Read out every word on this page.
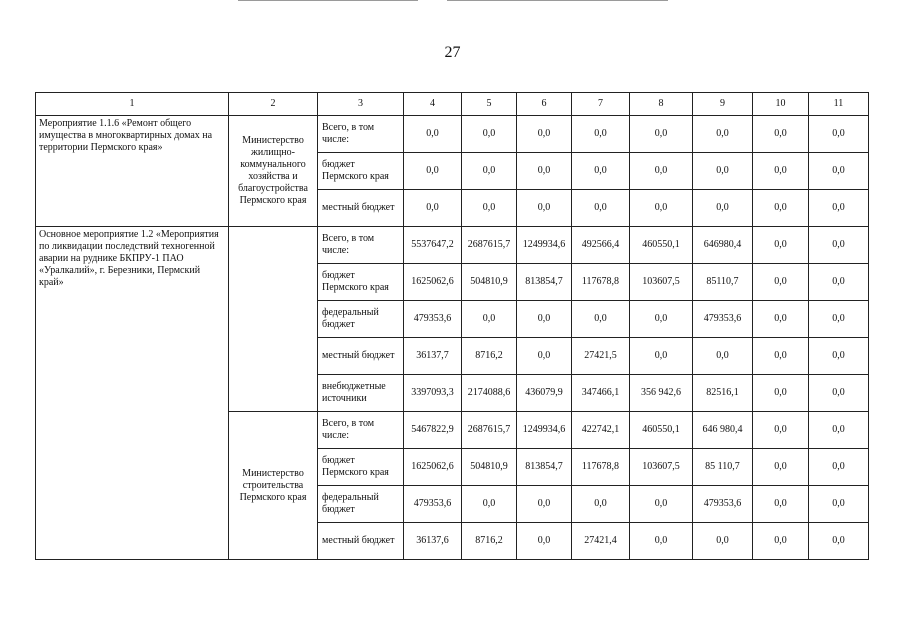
27
1	2	3	4	5	6	7	8	9	10	11
Мероприятие 1.1.6 «Ремонт общего имущества в многоквартирных домах на территории Пермского края»	Министерство жилищно-коммунального хозяйства и благоустройства Пермского края	Всего, в том числе:	0,0	0,0	0,0	0,0	0,0	0,0	0,0	0,0
		бюджет Пермского края	0,0	0,0	0,0	0,0	0,0	0,0	0,0	0,0
		местный бюджет	0,0	0,0	0,0	0,0	0,0	0,0	0,0	0,0
Основное мероприятие 1.2 «Мероприятия по ликвидации последствий техногенной аварии на руднике БКПРУ-1 ПАО «Уралкалий», г. Березники, Пермский край»		Всего, в том числе:	5537647,2	2687615,7	1249934,6	492566,4	460550,1	646980,4	0,0	0,0
		бюджет Пермского края	1625062,6	504810,9	813854,7	117678,8	103607,5	85110,7	0,0	0,0
		федеральный бюджет	479353,6	0,0	0,0	0,0	0,0	479353,6	0,0	0,0
		местный бюджет	36137,7	8716,2	0,0	27421,5	0,0	0,0	0,0	0,0
		внебюджетные источники	3397093,3	2174088,6	436079,9	347466,1	356 942,6	82516,1	0,0	0,0
	Министерство строительства Пермского края	Всего, в том числе:	5467822,9	2687615,7	1249934,6	422742,1	460550,1	646 980,4	0,0	0,0
		бюджет Пермского края	1625062,6	504810,9	813854,7	117678,8	103607,5	85 110,7	0,0	0,0
		федеральный бюджет	479353,6	0,0	0,0	0,0	0,0	479353,6	0,0	0,0
		местный бюджет	36137,6	8716,2	0,0	27421,4	0,0	0,0	0,0	0,0
